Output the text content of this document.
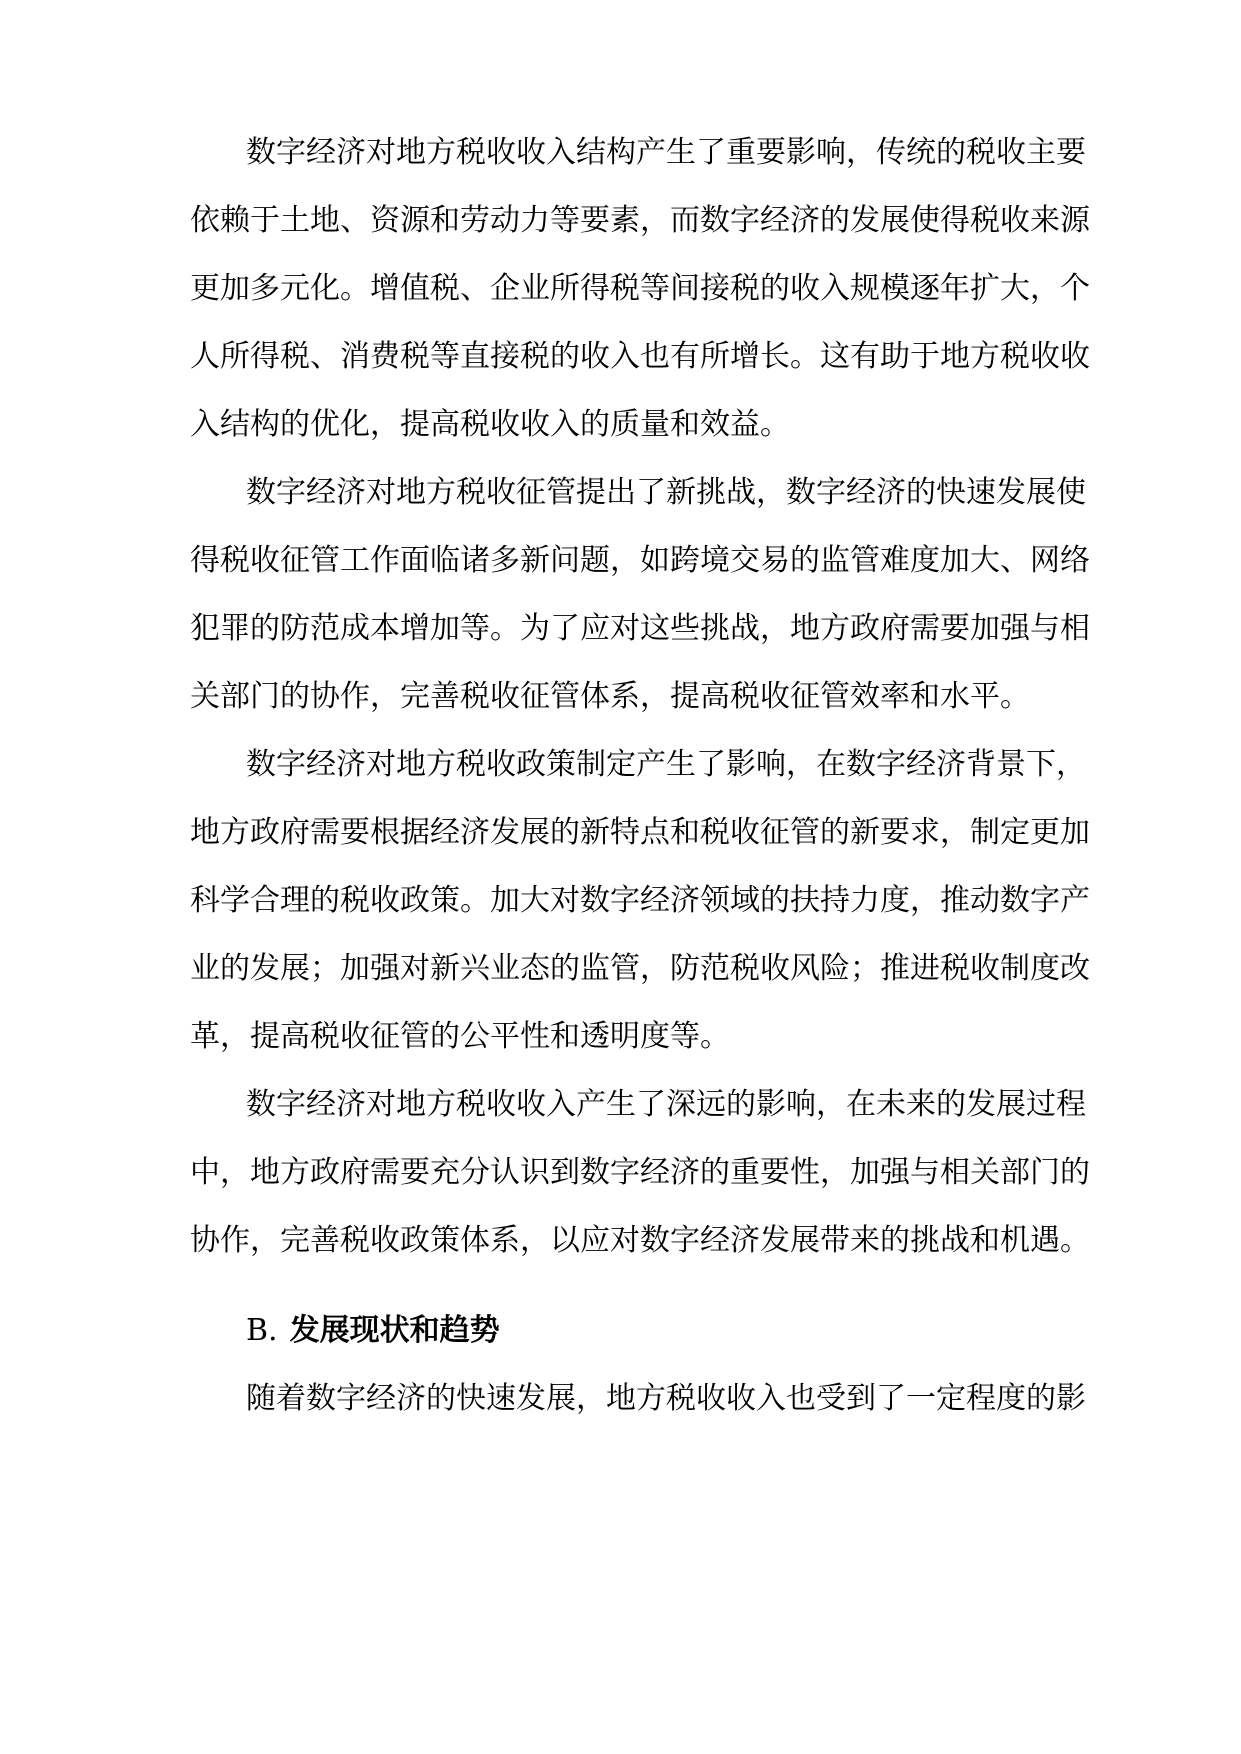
数字经济对地方税收收入结构产生了重要影响，传统的税收主要
依赖于土地、资源和劳动力等要素，而数字经济的发展使得税收来源
更加多元化。增值税、企业所得税等间接税的收入规模逐年扩大，个
人所得税、消费税等直接税的收入也有所增长。这有助于地方税收收
入结构的优化，提高税收收入的质量和效益。
数字经济对地方税收征管提出了新挑战，数字经济的快速发展使
得税收征管工作面临诸多新问题，如跨境交易的监管难度加大、网络
犯罪的防范成本增加等。为了应对这些挑战，地方政府需要加强与相
关部门的协作，完善税收征管体系，提高税收征管效率和水平。
数字经济对地方税收政策制定产生了影响，在数字经济背景下，
地方政府需要根据经济发展的新特点和税收征管的新要求，制定更加
科学合理的税收政策。加大对数字经济领域的扶持力度，推动数字产
业的发展；加强对新兴业态的监管，防范税收风险；推进税收制度改
革，提高税收征管的公平性和透明度等。
数字经济对地方税收收入产生了深远的影响，在未来的发展过程
中，地方政府需要充分认识到数字经济的重要性，加强与相关部门的
协作，完善税收政策体系，以应对数字经济发展带来的挑战和机遇。
B. 发展现状和趋势
随着数字经济的快速发展，地方税收收入也受到了一定程度的影
